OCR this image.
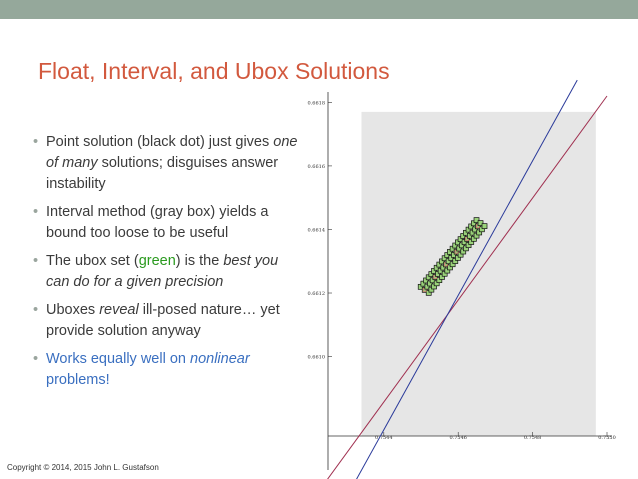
Float, Interval, and Ubox Solutions
• Point solution (black dot) just gives one of many solutions; disguises answer instability
• Interval method (gray box) yields a bound too loose to be useful
• The ubox set (green) is the best you can do for a given precision
• Uboxes reveal ill-posed nature… yet provide solution anyway
• Works equally well on nonlinear problems!
0.6618
0.6616
0.6614
0.6612
0.6610
0.7544	0.7546	0.7548	0.7550
Copyright © 2014, 2015 John L. Gustafson
